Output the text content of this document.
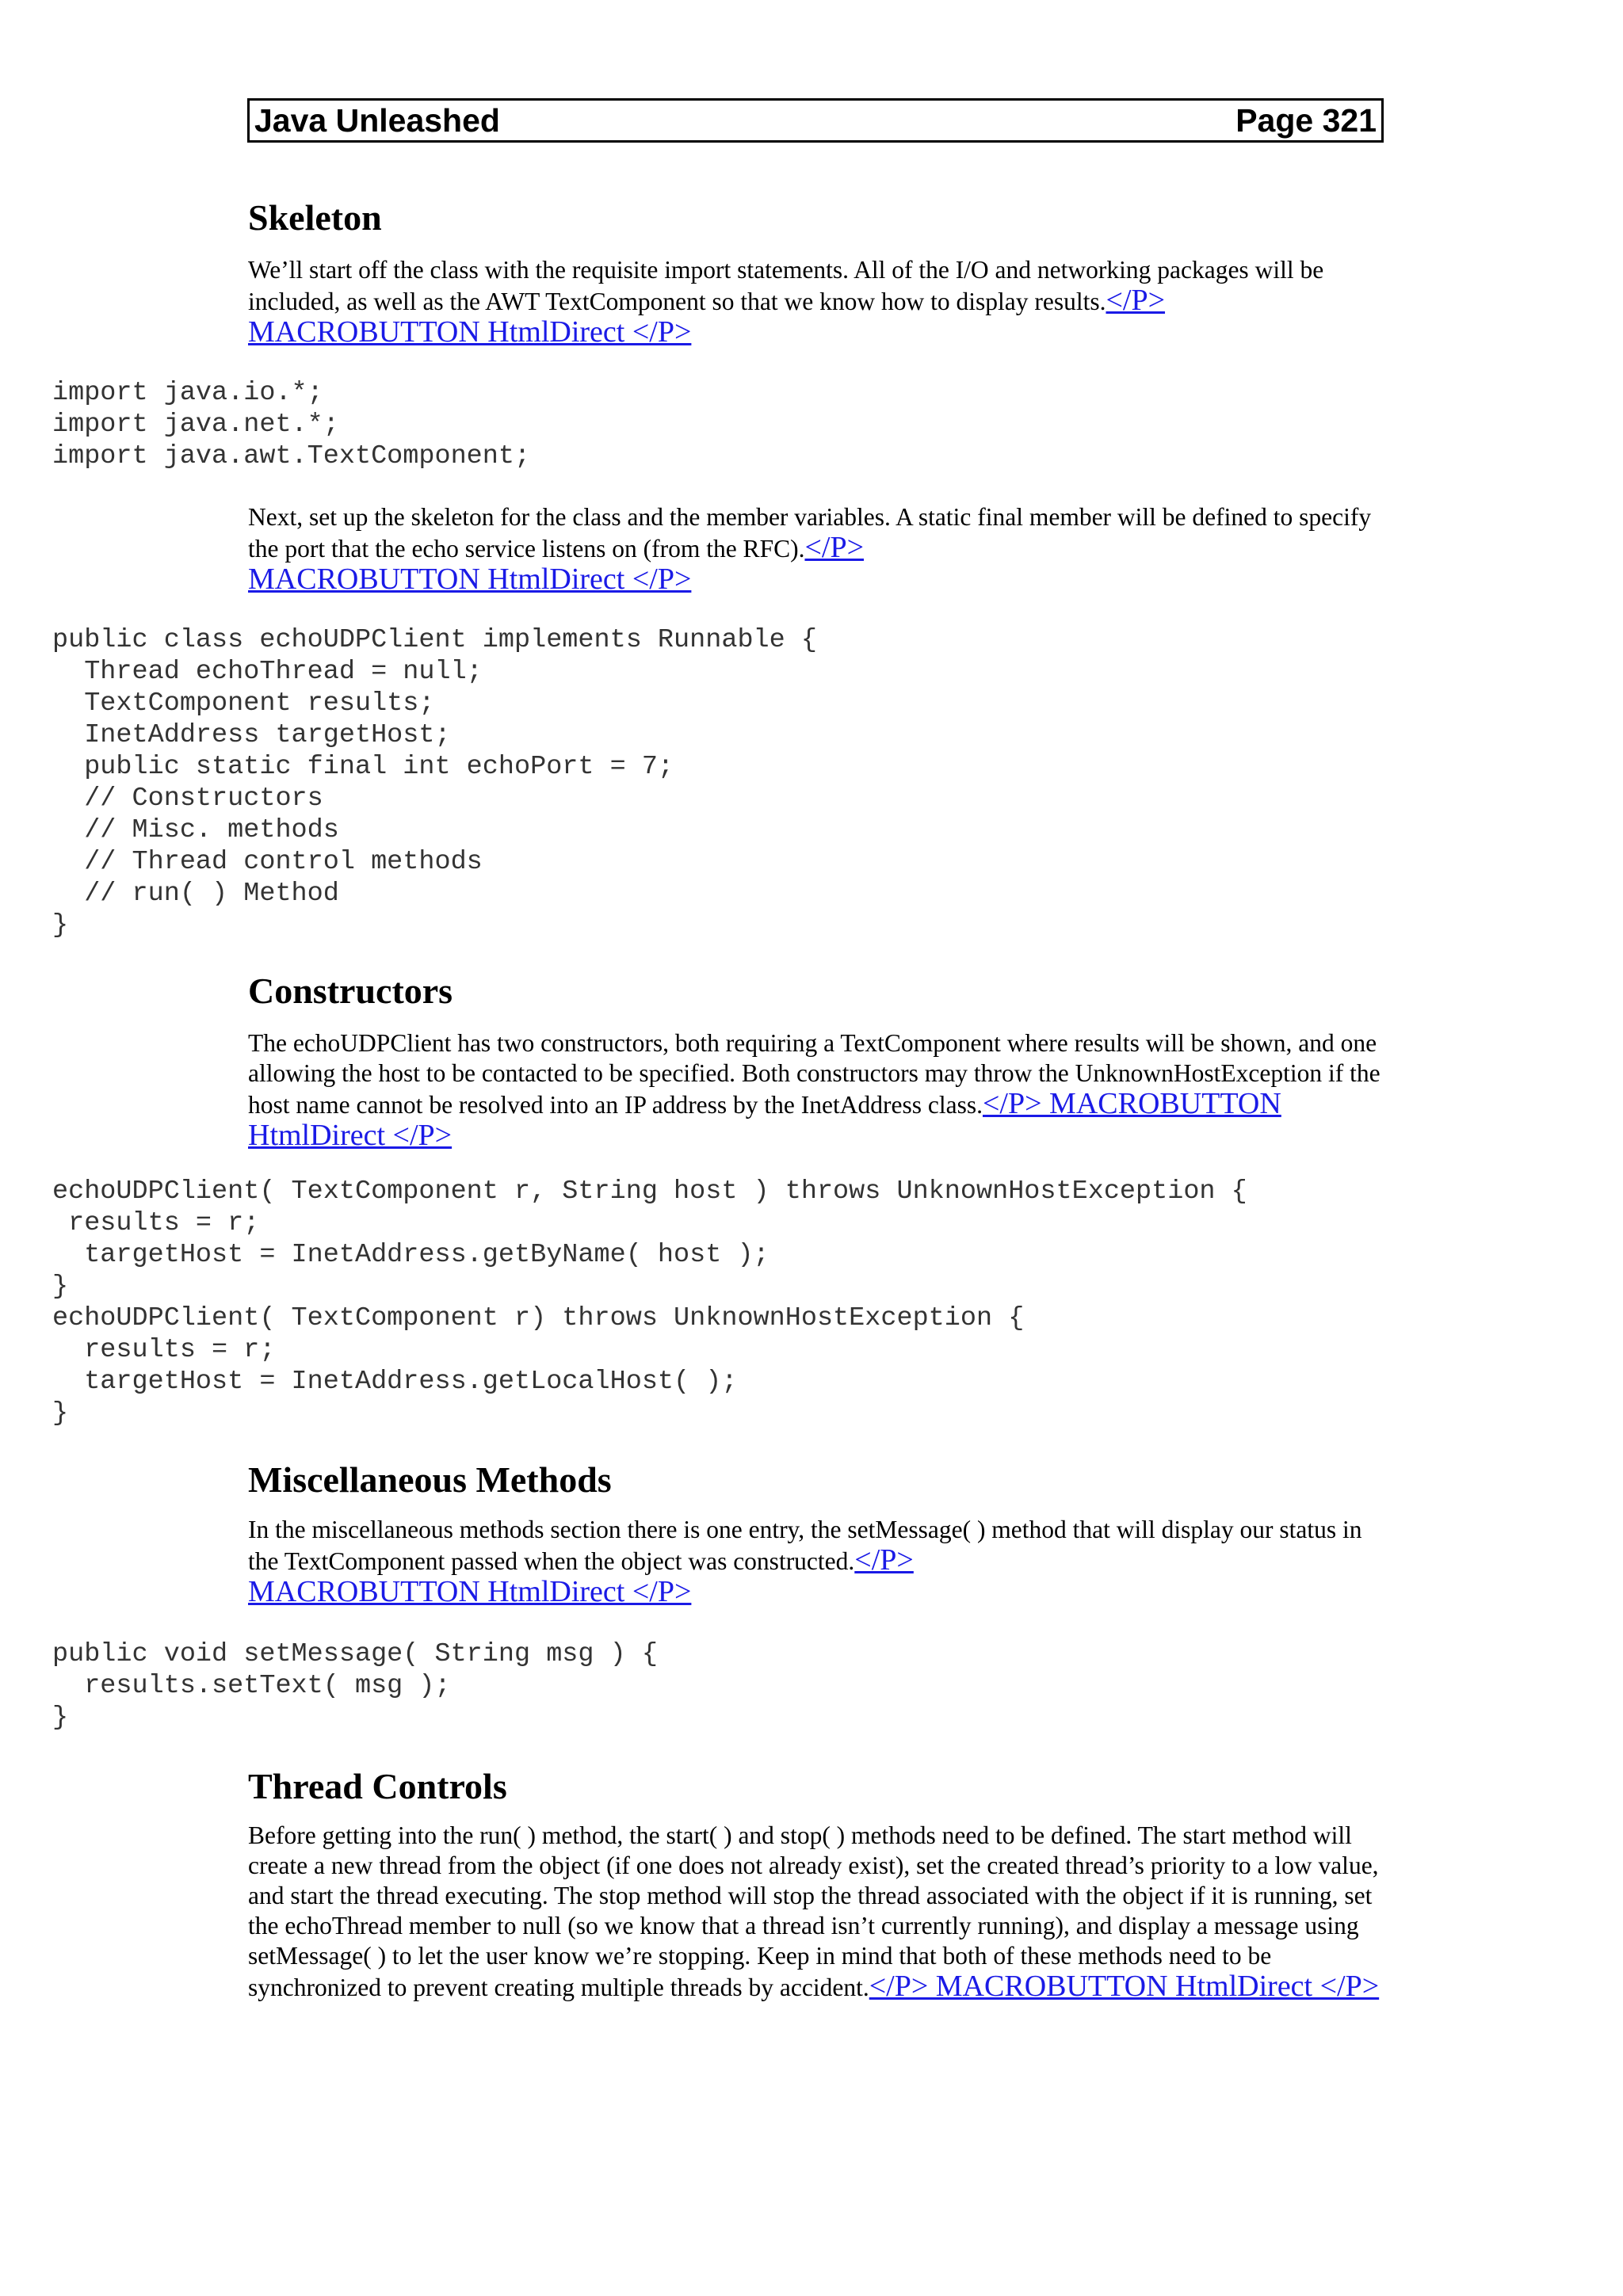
Java Unleashed	Page 321
Skeleton

We’ll start off the class with the requisite import statements. All of the I/O and networking packages will be included, as well as the AWT TextComponent so that we know how to display results.</P>
MACROBUTTON HtmlDirect </P>

import java.io.*;
import java.net.*;
import java.awt.TextComponent;

Next, set up the skeleton for the class and the member variables. A static final member will be defined to specify the port that the echo service listens on (from the RFC).</P>
MACROBUTTON HtmlDirect </P>

public class echoUDPClient implements Runnable {
Thread echoThread = null;
TextComponent results;
InetAddress targetHost;
public static final int echoPort = 7;
// Constructors
// Misc. methods
// Thread control methods
// run( ) Method
}
Constructors

The echoUDPClient has two constructors, both requiring a TextComponent where results will be shown, and one allowing the host to be contacted to be specified. Both constructors may throw the UnknownHostException if the host name cannot be resolved into an IP address by the InetAddress class.</P> MACROBUTTON HtmlDirect </P>

echoUDPClient( TextComponent r, String host ) throws UnknownHostException {
results = r;
targetHost = InetAddress.getByName( host );
}
echoUDPClient( TextComponent r) throws UnknownHostException {
results = r;
targetHost = InetAddress.getLocalHost( );
}
Miscellaneous Methods

In the miscellaneous methods section there is one entry, the setMessage( ) method that will display our status in the TextComponent passed when the object was constructed.</P>
MACROBUTTON HtmlDirect </P>

public void setMessage( String msg ) {
results.setText( msg );
}
Thread Controls

Before getting into the run( ) method, the start( ) and stop( ) methods need to be defined. The start method will create a new thread from the object (if one does not already exist), set the created thread’s priority to a low value, and start the thread executing. The stop method will stop the thread associated with the object if it is running, set the echoThread member to null (so we know that a thread isn’t currently running), and display a message using setMessage( ) to let the user know we’re stopping. Keep in mind that both of these methods need to be synchronized to prevent creating multiple threads by accident.</P> MACROBUTTON HtmlDirect </P>
